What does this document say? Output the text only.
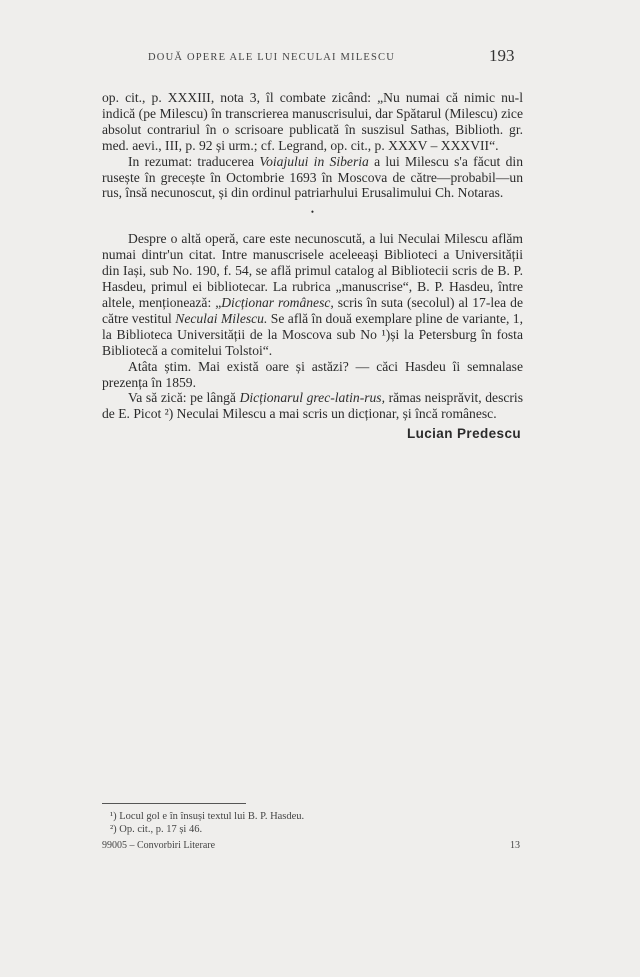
DOUĂ OPERE ALE LUI NECULAI MILESCU	193

op. cit., p. XXXIII, nota 3, îl combate zicând: „Nu numai că nimic nu-l indică (pe Milescu) în transcrierea manuscrisului, dar Spătarul (Milescu) zice absolut contrariul în o scrisoare publicată în suszisul Sathas, Biblioth. gr. med. aevi., III, p. 92 și urm.; cf. Legrand, op. cit., p. XXXV – XXXVII“.

In rezumat: traducerea Voiajului in Siberia a lui Milescu s'a făcut din rusește în grecește în Octombrie 1693 în Moscova de către—probabil—un rus, însă necunoscut, și din ordinul patriarhului Erusalimului Ch. Notaras.

•

Despre o altă operă, care este necunoscută, a lui Neculai Milescu aflăm numai dintr'un citat. Intre manuscrisele aceleeași Biblioteci a Universității din Iași, sub No. 190, f. 54, se află primul catalog al Bibliotecii scris de B. P. Hasdeu, primul ei bibliotecar. La rubrica „manuscrise“, B. P. Hasdeu, între altele, menționează: „Dicționar românesc, scris în suta (secolul) al 17-lea de către vestitul Neculai Milescu. Se află în două exemplare pline de variante, 1, la Biblioteca Universității de la Moscova sub No ¹)și la Petersburg în fosta Bibliotecă a comitelui Tolstoi“.

Atâta știm. Mai există oare și astăzi? — căci Hasdeu îi semnalase prezența în 1859.

Va să zică: pe lângă Dicționarul grec-latin-rus, rămas neisprăvit, descris de E. Picot ²) Neculai Milescu a mai scris un dicționar, și încă românesc.

Lucian Predescu
¹) Locul gol e în însuși textul lui B. P. Hasdeu.
²) Op. cit., p. 17 și 46.
99005 – Convorbiri Literare	13
